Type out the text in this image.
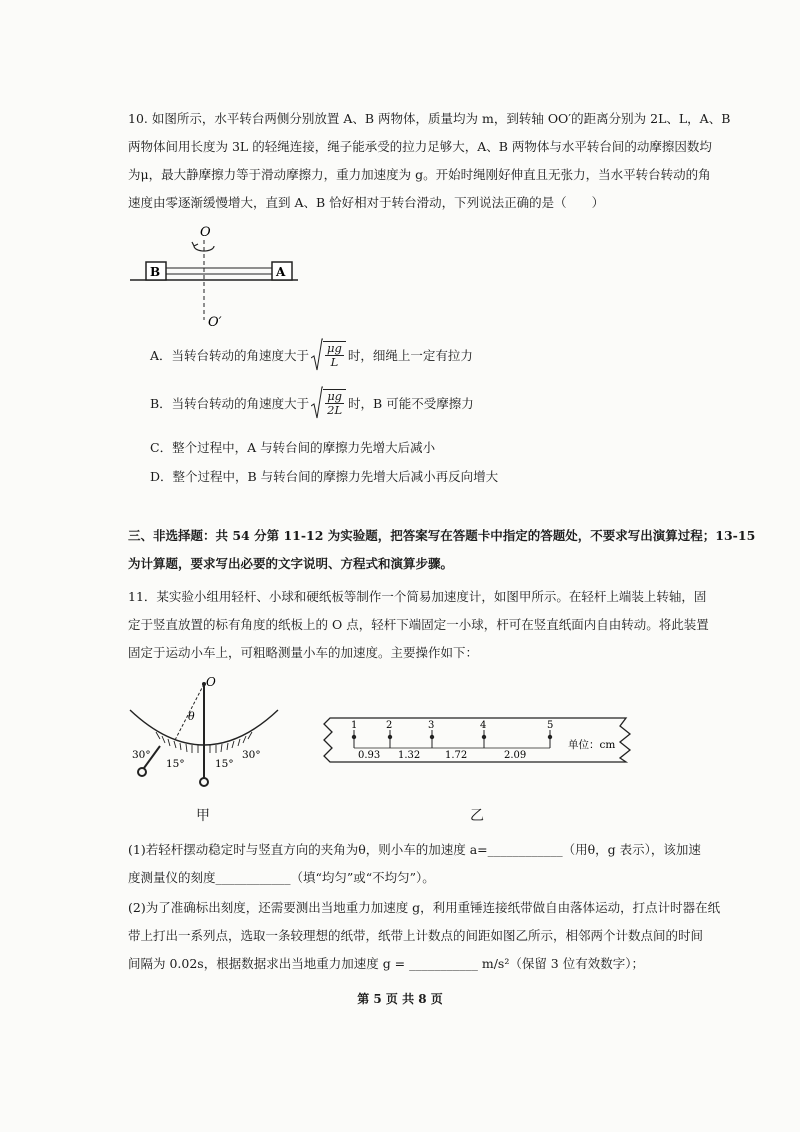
10. 如图所示，水平转台两侧分别放置 A、B 两物体，质量均为 m，到转轴 OO′的距离分别为 2L、L，A、B
两物体间用长度为 3L 的轻绳连接，绳子能承受的拉力足够大，A、B 两物体与水平转台间的动摩擦因数均
为μ，最大静摩擦力等于滑动摩擦力，重力加速度为 g。开始时绳刚好伸直且无张力，当水平转台转动的角
速度由零逐渐缓慢增大，直到 A、B 恰好相对于转台滑动，下列说法正确的是（　　）
O
B	A
O′
A．当转台转动的角速度大于 $\frac{\mu g}{L}$ 时，细绳上一定有拉力
B．当转台转动的角速度大于 $\frac{\mu g}{2L}$ 时，B 可能不受摩擦力
C．整个过程中，A 与转台间的摩擦力先增大后减小
D．整个过程中，B 与转台间的摩擦力先增大后减小再反向增大
三、非选择题：共 54 分第 11-12 为实验题，把答案写在答题卡中指定的答题处，不要求写出演算过程；13-15
为计算题，要求写出必要的文字说明、方程式和演算步骤。
11．某实验小组用轻杆、小球和硬纸板等制作一个简易加速度计，如图甲所示。在轻杆上端装上转轴，固
定于竖直放置的标有角度的纸板上的 O 点，轻杆下端固定一小球，杆可在竖直纸面内自由转动。将此装置
固定于运动小车上，可粗略测量小车的加速度。主要操作如下：
O
θ
30°
15°	15°
30°
甲
1	2	3	4	5
0.93 1.32 1.72	2.09
单位：cm
乙
(1)若轻杆摆动稳定时与竖直方向的夹角为θ，则小车的加速度 a=____________（用θ，g 表示），该加速
度测量仪的刻度____________（填“均匀”或“不均匀”）。
(2)为了准确标出刻度，还需要测出当地重力加速度 g，利用重锤连接纸带做自由落体运动，打点计时器在纸
带上打出一系列点，选取一条较理想的纸带，纸带上计数点的间距如图乙所示，相邻两个计数点间的时间
间隔为 0.02s，根据数据求出当地重力加速度 g = ___________ m/s²（保留 3 位有效数字）；
第 5 页 共 8 页
